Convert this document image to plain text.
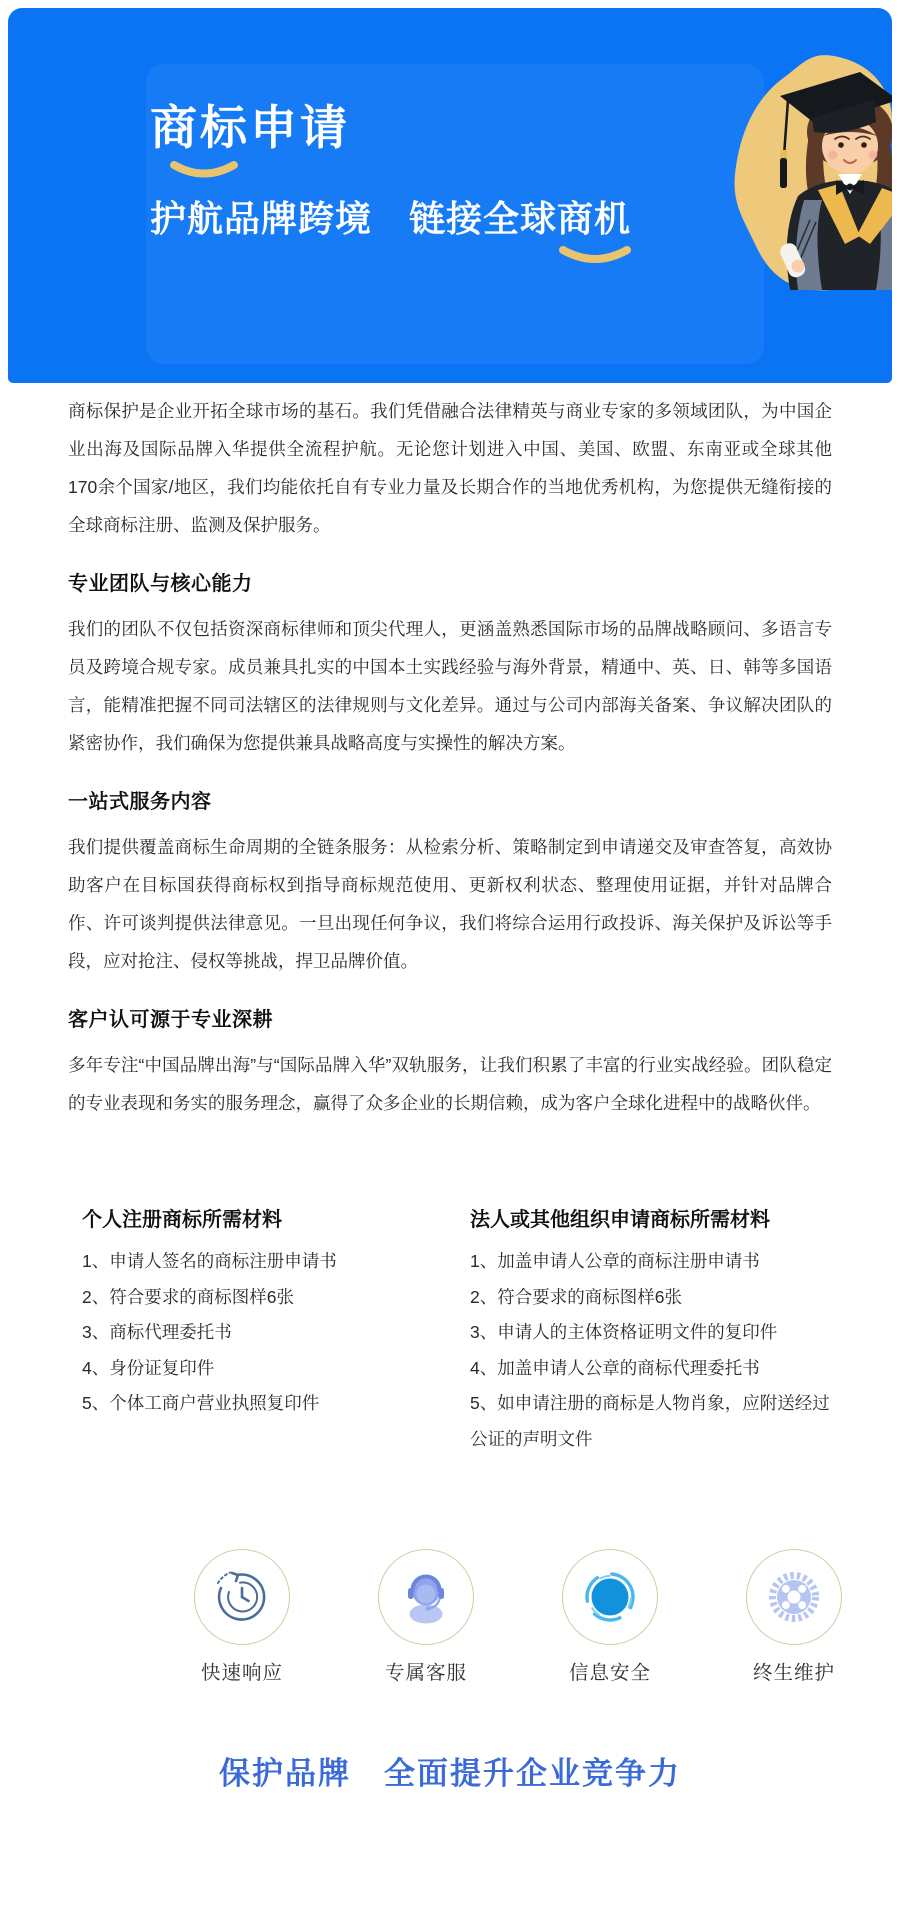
商标申请
护航品牌跨境　链接全球商机

商标保护是企业开拓全球市场的基石。我们凭借融合法律精英与商业专家的多领域团队，为中国企业出海及国际品牌入华提供全流程护航。无论您计划进入中国、美国、欧盟、东南亚或全球其他170余个国家/地区，我们均能依托自有专业力量及长期合作的当地优秀机构，为您提供无缝衔接的全球商标注册、监测及保护服务。

专业团队与核心能力

我们的团队不仅包括资深商标律师和顶尖代理人，更涵盖熟悉国际市场的品牌战略顾问、多语言专员及跨境合规专家。成员兼具扎实的中国本土实践经验与海外背景，精通中、英、日、韩等多国语言，能精准把握不同司法辖区的法律规则与文化差异。通过与公司内部海关备案、争议解决团队的紧密协作，我们确保为您提供兼具战略高度与实操性的解决方案。

一站式服务内容

我们提供覆盖商标生命周期的全链条服务：从检索分析、策略制定到申请递交及审查答复，高效协助客户在目标国获得商标权到指导商标规范使用、更新权利状态、整理使用证据，并针对品牌合作、许可谈判提供法律意见。一旦出现任何争议，我们将综合运用行政投诉、海关保护及诉讼等手段，应对抢注、侵权等挑战，捍卫品牌价值。

客户认可源于专业深耕

多年专注“中国品牌出海”与“国际品牌入华”双轨服务，让我们积累了丰富的行业实战经验。团队稳定的专业表现和务实的服务理念，赢得了众多企业的长期信赖，成为客户全球化进程中的战略伙伴。

个人注册商标所需材料
1、申请人签名的商标注册申请书
2、符合要求的商标图样6张
3、商标代理委托书
4、身份证复印件
5、个体工商户营业执照复印件
法人或其他组织申请商标所需材料
1、加盖申请人公章的商标注册申请书
2、符合要求的商标图样6张
3、申请人的主体资格证明文件的复印件
4、加盖申请人公章的商标代理委托书
5、如申请注册的商标是人物肖象，应附送经过公证的声明文件
快速响应	专属客服	信息安全	终生维护
保护品牌　全面提升企业竞争力
